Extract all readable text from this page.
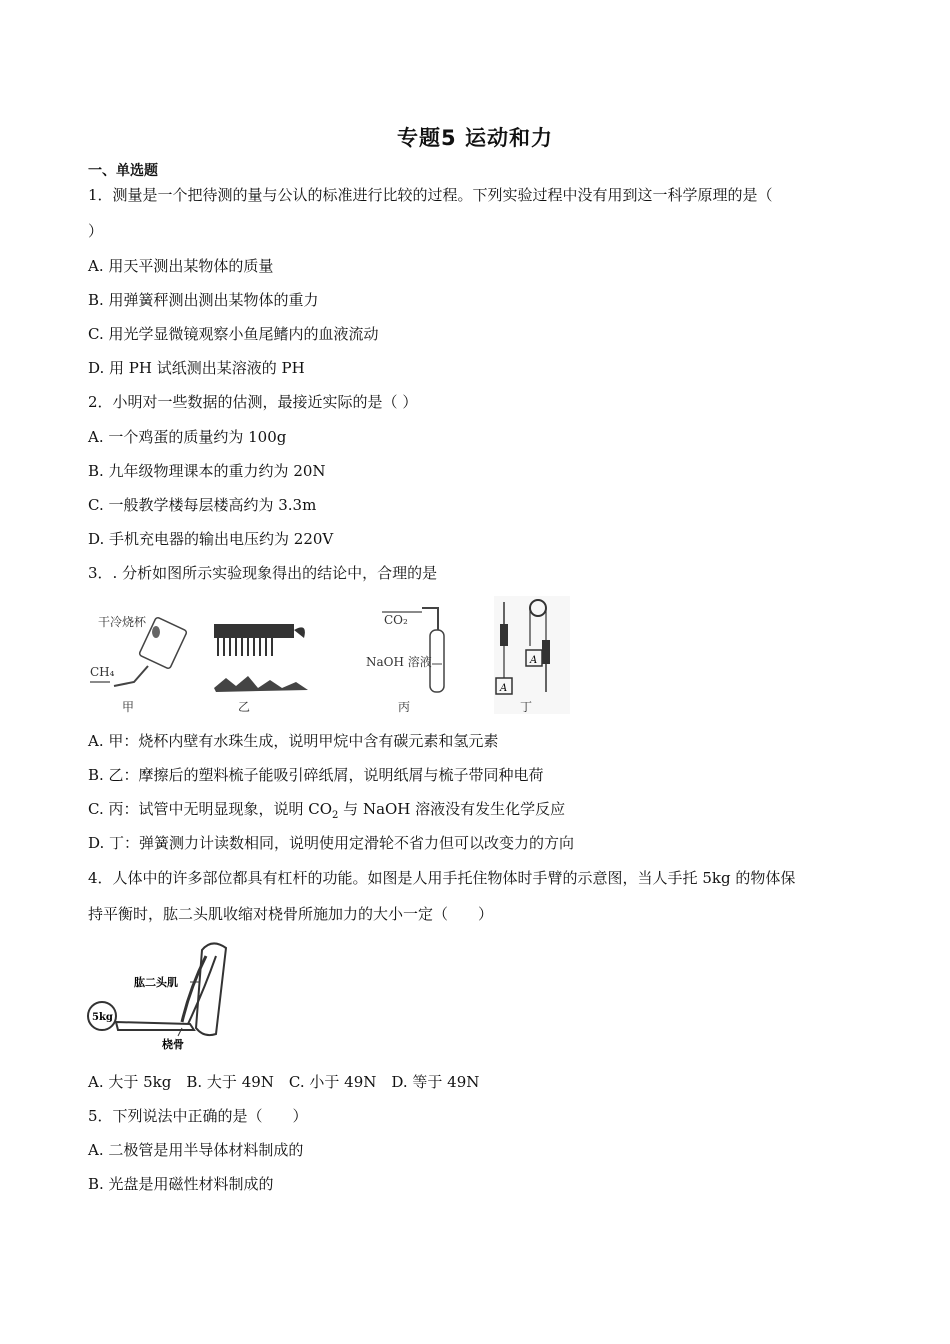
专题5 运动和力
一、单选题
1．测量是一个把待测的量与公认的标准进行比较的过程。下列实验过程中没有用到这一科学原理的是（
）
A. 用天平测出某物体的质量
B. 用弹簧秤测出测出某物体的重力
C. 用光学显微镜观察小鱼尾鳍内的血液流动
D. 用 PH 试纸测出某溶液的 PH
2．小明对一些数据的估测，最接近实际的是（ ）
A. 一个鸡蛋的质量约为 100g
B. 九年级物理课本的重力约为 20N
C. 一般教学楼每层楼高约为 3.3m
D. 手机充电器的输出电压约为 220V
3．. 分析如图所示实验现象得出的结论中，合理的是
干冷烧杯
CH₄
甲	乙
CO₂
NaOH 溶液
丙
A
A
丁
A. 甲：烧杯内壁有水珠生成，说明甲烷中含有碳元素和氢元素
B. 乙：摩擦后的塑料梳子能吸引碎纸屑，说明纸屑与梳子带同种电荷
C. 丙：试管中无明显现象，说明 $CO_2$ 与 NaOH 溶液没有发生化学反应
D. 丁：弹簧测力计读数相同，说明使用定滑轮不省力但可以改变力的方向
4．人体中的许多部位都具有杠杆的功能。如图是人用手托住物体时手臂的示意图，当人手托 5kg 的物体保
持平衡时，肱二头肌收缩对桡骨所施加力的大小一定（　　）
5kg
肱二头肌
桡骨
A. 大于 5kg　B. 大于 49N　C. 小于 49N　D. 等于 49N
5．下列说法中正确的是（　　）
A. 二极管是用半导体材料制成的
B. 光盘是用磁性材料制成的
